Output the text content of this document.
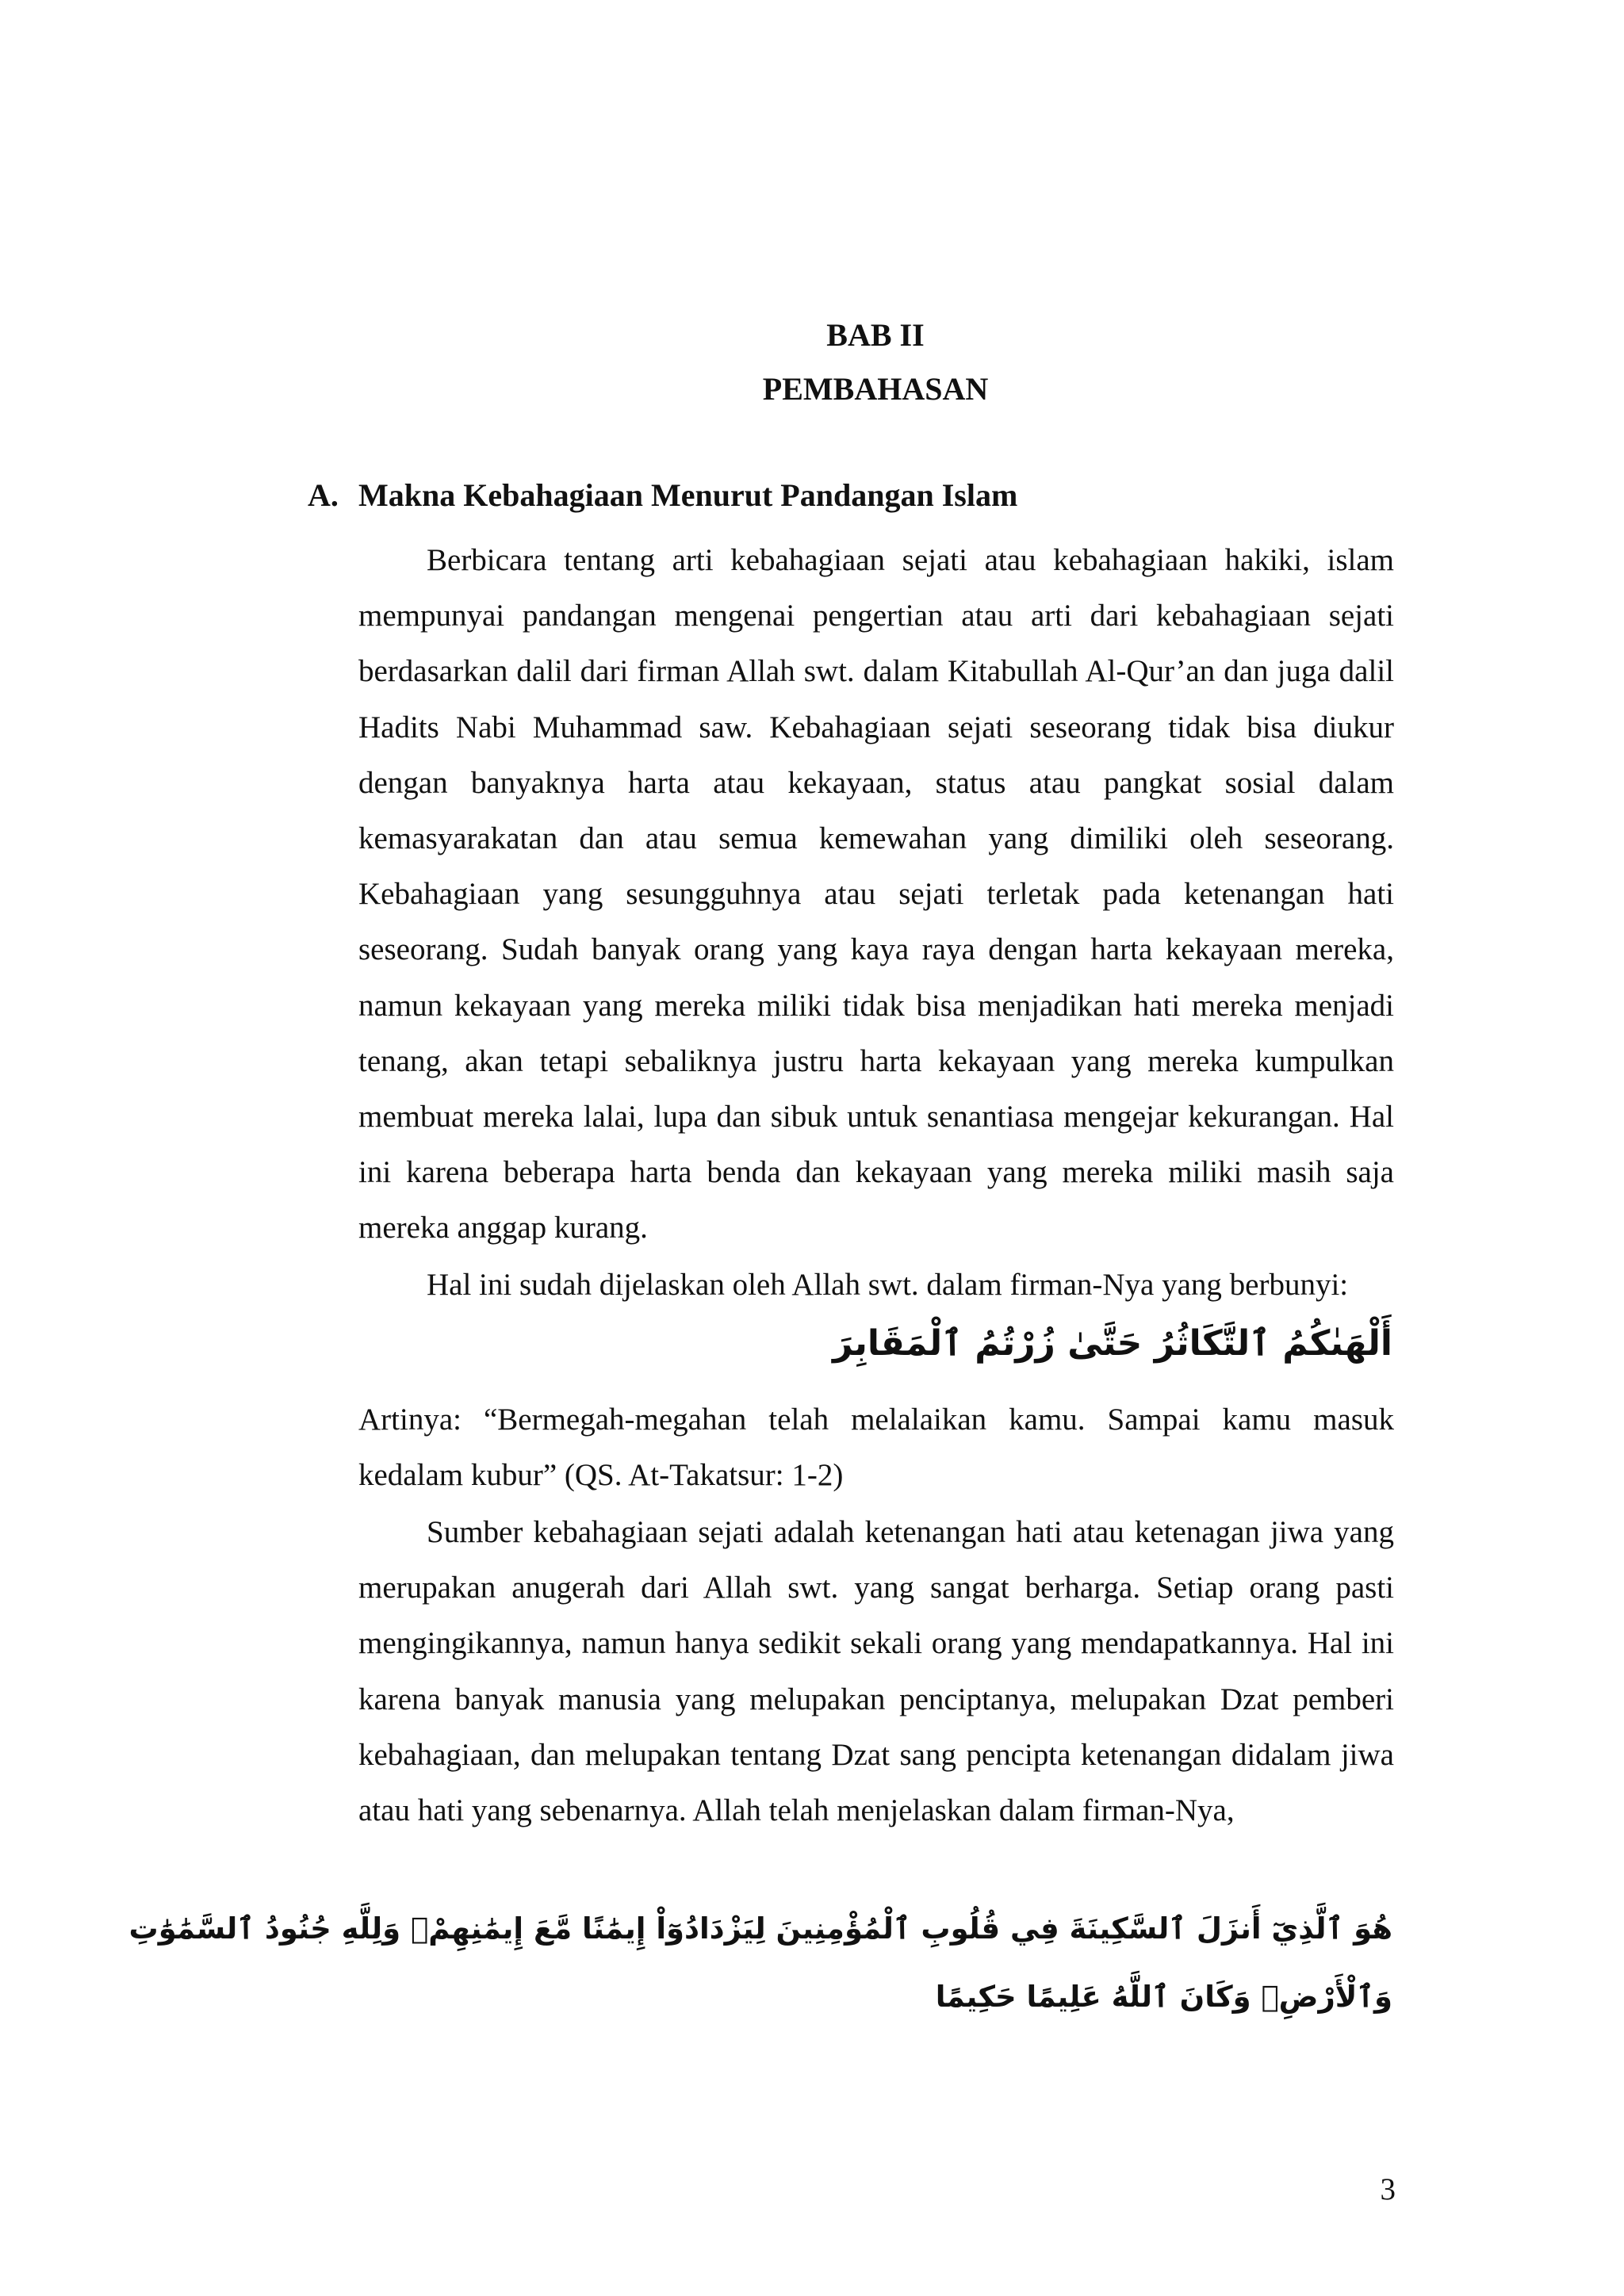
BAB II
PEMBAHASAN
A. Makna Kebahagiaan Menurut Pandangan Islam

Berbicara tentang arti kebahagiaan sejati atau kebahagiaan hakiki, islam mempunyai pandangan mengenai pengertian atau arti dari kebahagiaan sejati berdasarkan dalil dari firman Allah swt. dalam Kitabullah Al-Qur’an dan juga dalil Hadits Nabi Muhammad saw. Kebahagiaan sejati seseorang tidak bisa diukur dengan banyaknya harta atau kekayaan, status atau pangkat sosial dalam kemasyarakatan dan atau semua kemewahan yang dimiliki oleh seseorang. Kebahagiaan yang sesungguhnya atau sejati terletak pada ketenangan hati seseorang. Sudah banyak orang yang kaya raya dengan harta kekayaan mereka, namun kekayaan yang mereka miliki tidak bisa menjadikan hati mereka menjadi tenang, akan tetapi sebaliknya justru harta kekayaan yang mereka kumpulkan membuat mereka lalai, lupa dan sibuk untuk senantiasa mengejar kekurangan. Hal ini karena beberapa harta benda dan kekayaan yang mereka miliki masih saja mereka anggap kurang.

Hal ini sudah dijelaskan oleh Allah swt. dalam firman-Nya yang berbunyi:

أَلْهَىٰكُمُ ٱلتَّكَاثُرُ حَتَّىٰ زُرْتُمُ ٱلْمَقَابِرَ

Artinya: “Bermegah-megahan telah melalaikan kamu. Sampai kamu masuk kedalam kubur” (QS. At-Takatsur: 1-2)

Sumber kebahagiaan sejati adalah ketenangan hati atau ketenagan jiwa yang merupakan anugerah dari Allah swt. yang sangat berharga. Setiap orang pasti mengingikannya, namun hanya sedikit sekali orang yang mendapatkannya. Hal ini karena banyak manusia yang melupakan penciptanya, melupakan Dzat pemberi kebahagiaan, dan melupakan tentang Dzat sang pencipta ketenangan didalam jiwa atau hati yang sebenarnya. Allah telah menjelaskan dalam firman-Nya,

هُوَ ٱلَّذِيٓ أَنزَلَ ٱلسَّكِينَةَ فِي قُلُوبِ ٱلْمُؤْمِنِينَ لِيَزْدَادُوٓاْ إِيمَٰنًا مَّعَ إِيمَٰنِهِمْۗ وَلِلَّهِ جُنُودُ ٱلسَّمَٰوَٰتِ
وَٱلْأَرْضِۚ وَكَانَ ٱللَّهُ عَلِيمًا حَكِيمًا
3
